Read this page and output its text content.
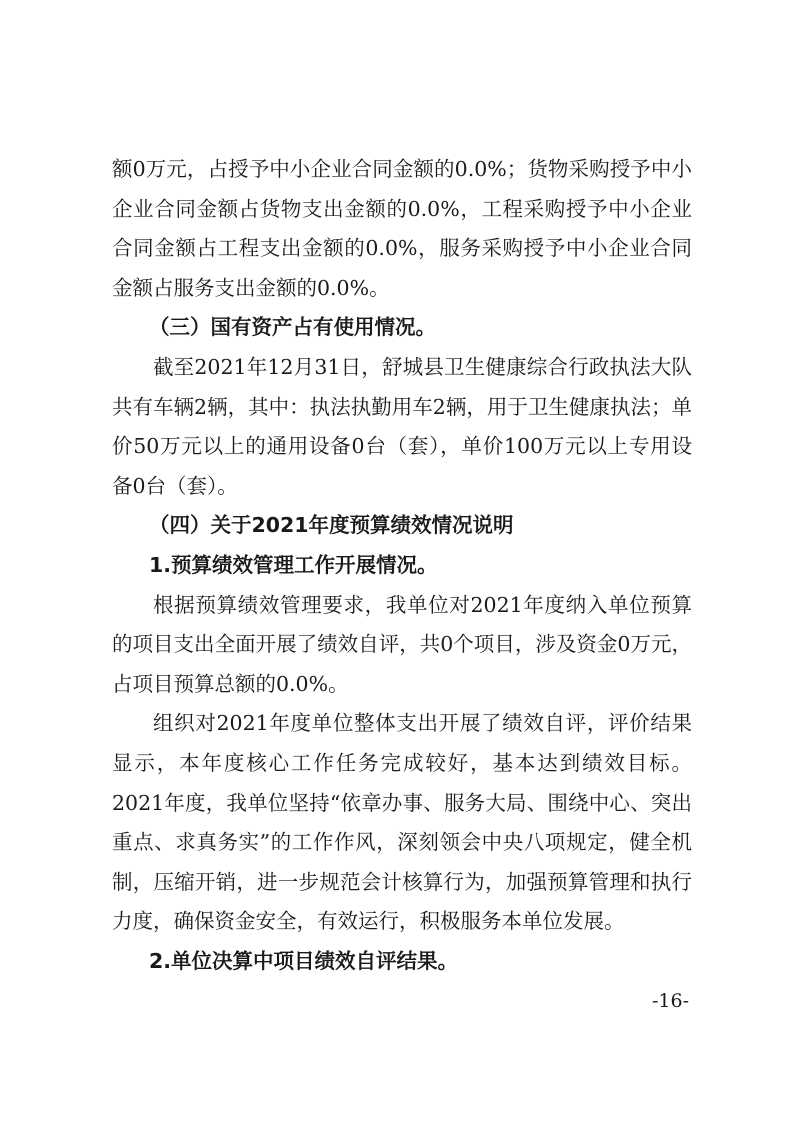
额0万元，占授予中小企业合同金额的0.0%；货物采购授予中小企业合同金额占货物支出金额的0.0%，工程采购授予中小企业合同金额占工程支出金额的0.0%，服务采购授予中小企业合同金额占服务支出金额的0.0%。

（三）国有资产占有使用情况。

截至2021年12月31日，舒城县卫生健康综合行政执法大队共有车辆2辆，其中：执法执勤用车2辆，用于卫生健康执法；单价50万元以上的通用设备0台（套），单价100万元以上专用设备0台（套）。

（四）关于2021年度预算绩效情况说明

1.预算绩效管理工作开展情况。

根据预算绩效管理要求，我单位对2021年度纳入单位预算的项目支出全面开展了绩效自评，共0个项目，涉及资金0万元，占项目预算总额的0.0%。

组织对2021年度单位整体支出开展了绩效自评，评价结果显示，本年度核心工作任务完成较好，基本达到绩效目标。2021年度，我单位坚持“依章办事、服务大局、围绕中心、突出重点、求真务实”的工作作风，深刻领会中央八项规定，健全机制，压缩开销，进一步规范会计核算行为，加强预算管理和执行力度，确保资金安全，有效运行，积极服务本单位发展。

2.单位决算中项目绩效自评结果。

-16-
